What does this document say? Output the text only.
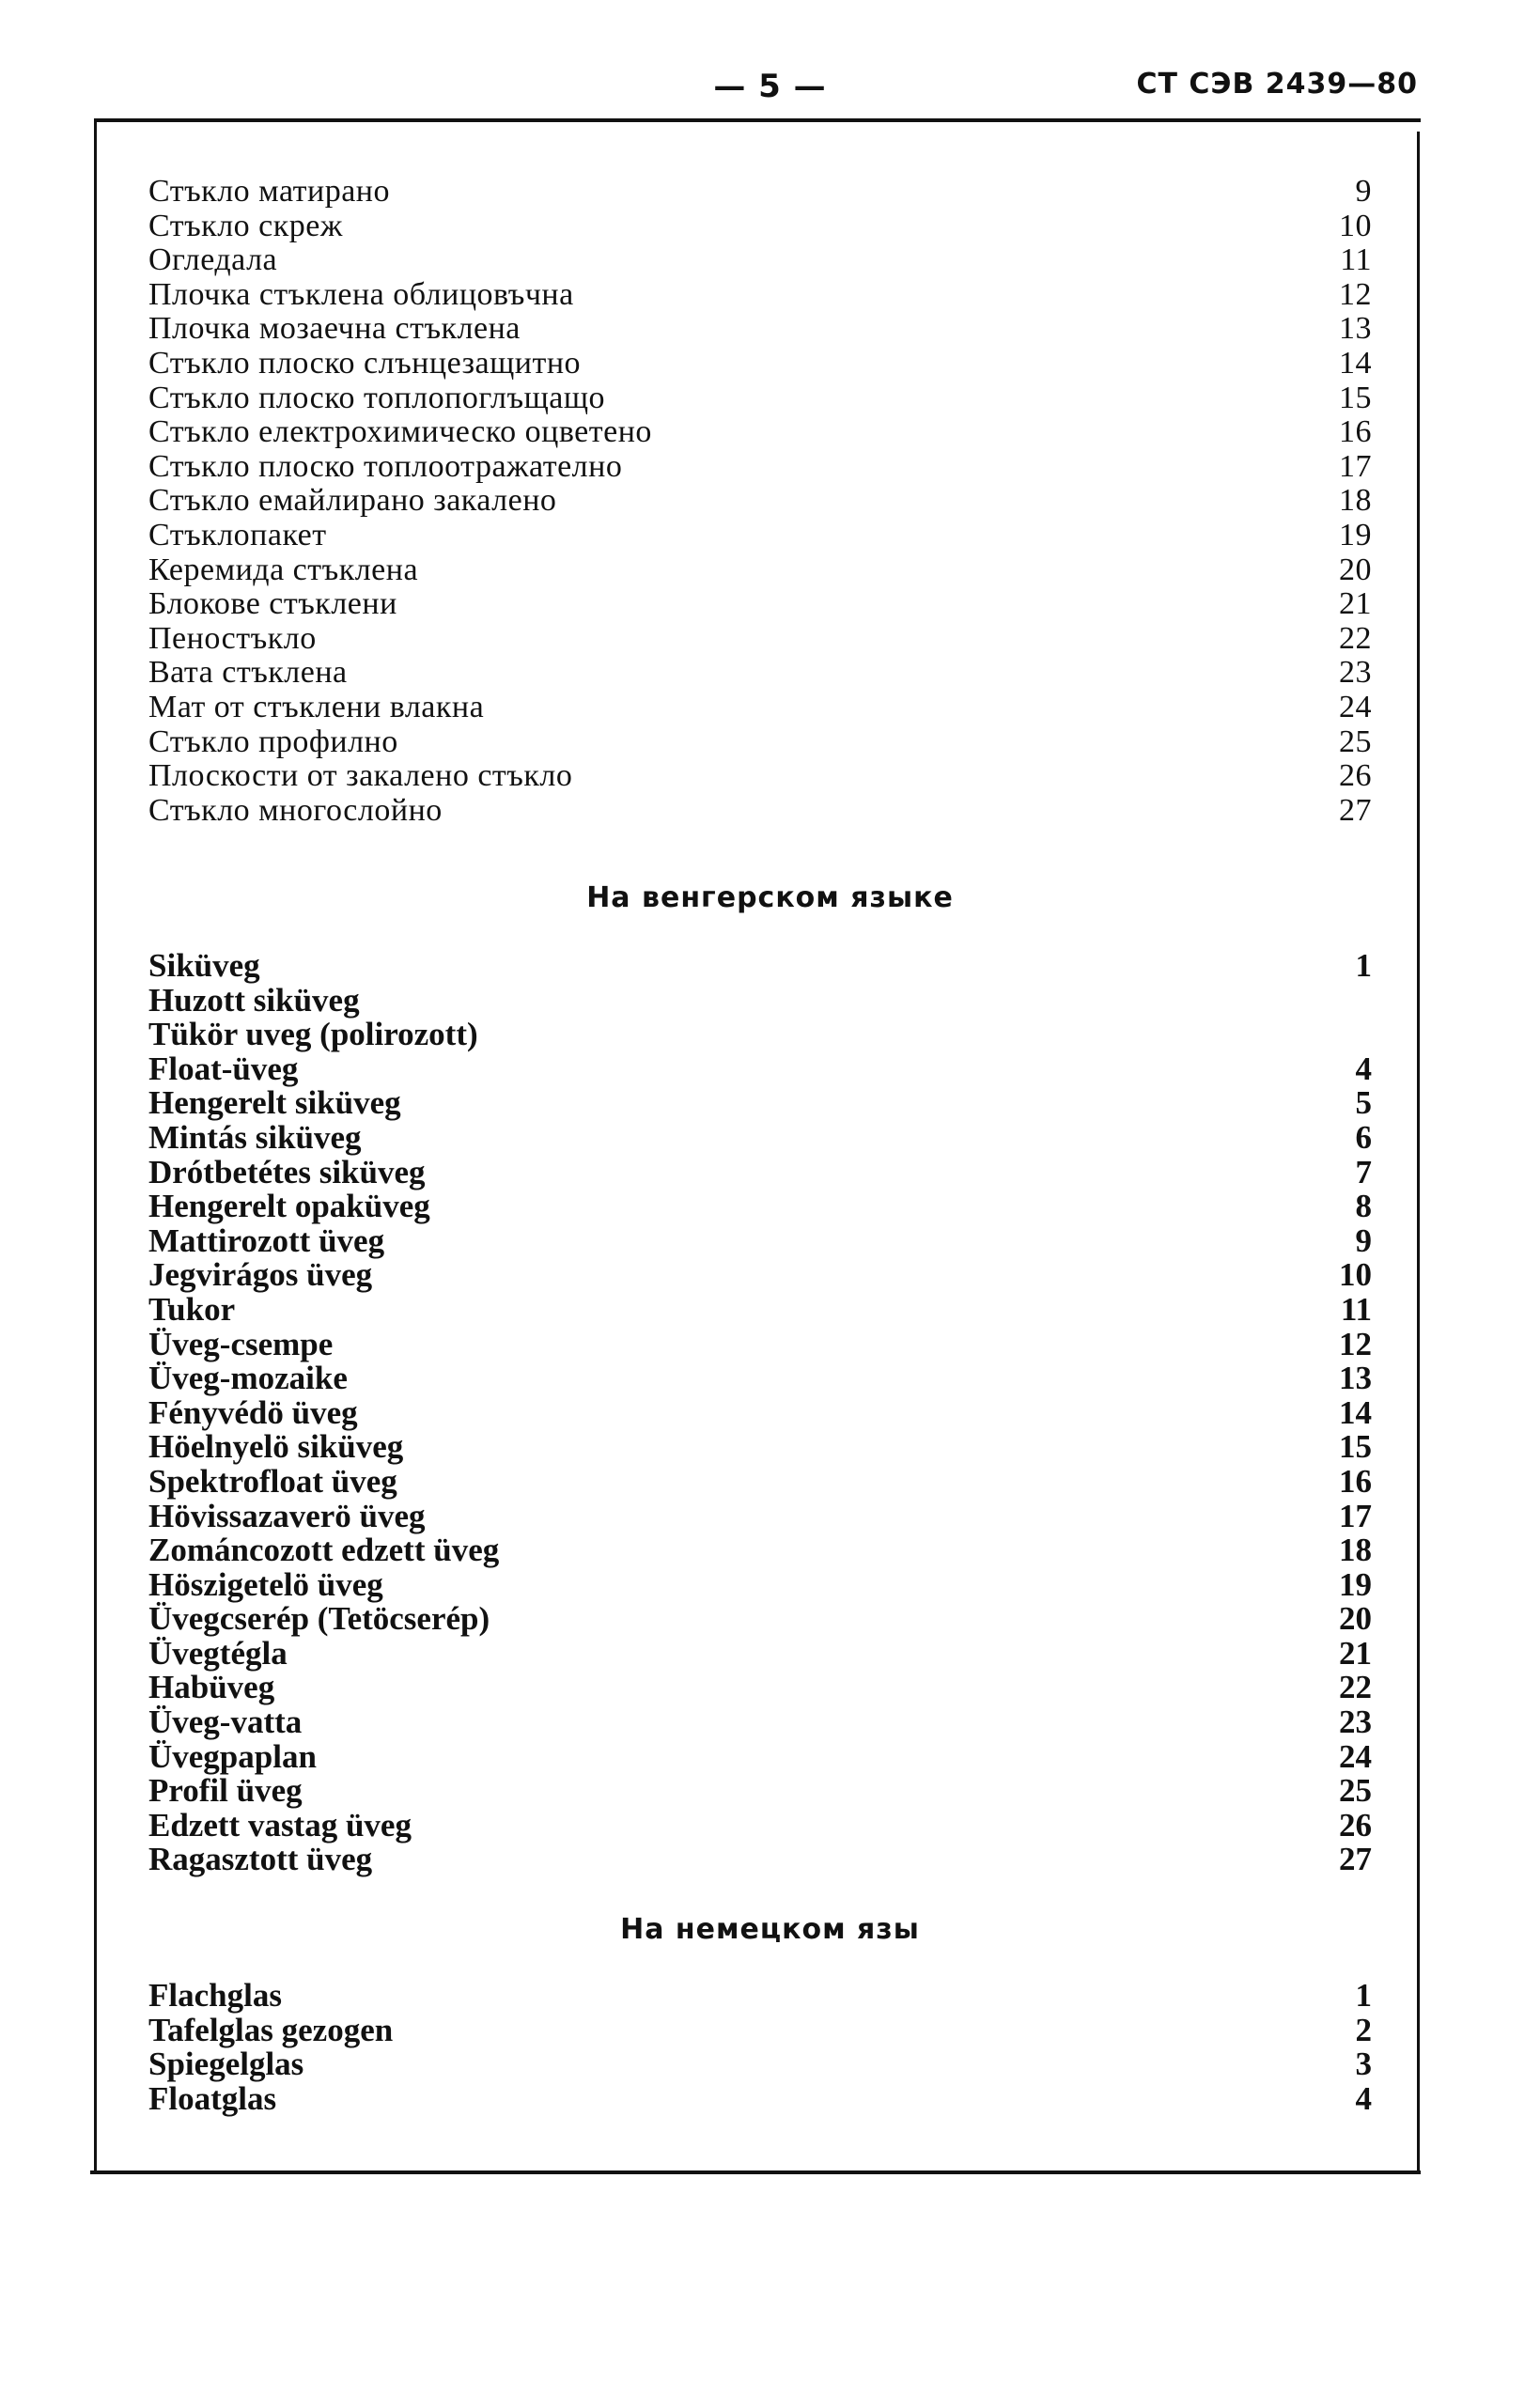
— 5 —	СТ СЭВ 2439—80
Стъкло матирано	9
Стъкло скреж	10
Огледала	11
Плочка стъклена облицовъчна	12
Плочка мозаечна стъклена	13
Стъкло плоско слънцезащитно	14
Стъкло плоско топлопоглъщащо	15
Стъкло електрохимическо оцветено	16
Стъкло плоско топлоотражателно	17
Стъкло емайлирано закалено	18
Стъклопакет	19
Керемида стъклена	20
Блокове стъклени	21
Пеностъкло	22
Вата стъклена	23
Мат от стъклени влакна	24
Стъкло профилно	25
Плоскости от закалено стъкло	26
Стъкло многослойно	27
На венгерском языке
Siküveg	1
Huzott siküveg
Tükör uveg (polirozott)
Float-üveg	4
Hengerelt siküveg	5
Mintás siküveg	6
Drótbetétes siküveg	7
Hengerelt opaküveg	8
Mattirozott üveg	9
Jegvirágos üveg	10
Tukor	11
Üveg-csempe	12
Üveg-mozaike	13
Fényvédö üveg	14
Höelnyelö siküveg	15
Spektrofloat üveg	16
Hövissazaverö üveg	17
Zománcozott edzett üveg	18
Höszigetelö üveg	19
Üvegcserép (Tetöcserép)	20
Üvegtégla	21
Habüveg	22
Üveg-vatta	23
Üvegpaplan	24
Profil üveg	25
Edzett vastag üveg	26
Ragasztott üveg	27
На немецком язы
Flachglas	1
Tafelglas gezogen	2
Spiegelglas	3
Floatglas	4
